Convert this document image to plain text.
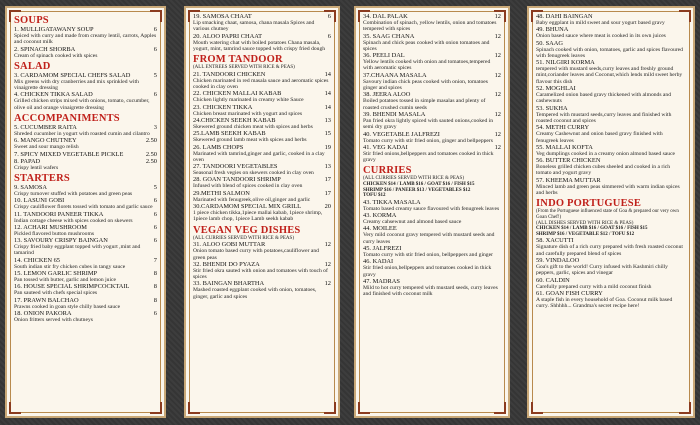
SOUPS
1. MULLIGATAWANY SOUP	6
Spiced with curry and made from creamy lentil, carrots, Apples and coconut milk
2. SPINACH SHORBA	6
Cream of spinach cooked with spices
SALAD
3. CARDAMOM SPECIAL CHEFS SALAD	5
Mix greens with dry cranberries and mix sprinkled with vinaigrette dressing
4. CHICKEN TIKKA SALAD	6
Grilled chicken strips mixed with onions, tomato, cucumber, olive oil and orange vinaigrette dressing
ACCOMPANIMENTS
5. CUCUMBER RAITA	3
Shreded cucumber in yogurt with roasted cumin and cilantro
6. MANGO CHUTNEY	2.50
Sweet and sour mango relish
7. SPICY MIXED VEGETABLE PICKLE	2.50
8. PAPAD	2.50
Crispy lentil wafers
STARTERS
9. SAMOSA	5
Crispy turnover stuffed with potatoes and green peas
10. LASUNI GOBI	6
Crispy cauliflower florets tossed with tomato and garlic sauce
11. TANDOORI PANEER TIKKA	6
Indian cottage cheese with spices cooked on skewers
12. ACHARI MUSHROOM	6
Pickled flavored button mushrooms
13. SAVOURY CRISPY BAINGAN	6
Crispy fried baby eggplant topped with yogurt ,mint and tamarind
14. CHICKEN 65	7
South indian stir fry chicken cubes in tangy sauce
15. LEMON GARLIC SHRIMP	8
Pan tossed with butter, garlic and lemon juice
16. HOUSE SPECIAL SHRIMPCOCKTAIL	8
Pan sauteed with chefs special spices
17. PRAWN BALCHAO	8
Prawns cooked in goan style chilly based sauce
18. ONION PAKORA	6
Onion fritters served with chutneys
19. SAMOSA CHAAT	6
Lip smacking chaat, samosa, chana masala Spices and various chutney
20. ALOO PAPRI CHAAT	6
Mouth watering chat with boiled potatoes Chana masala, yogurt, mint, tamrind sauce topped with crispy fried dough
FROM TANDOOR
(ALL ENTREES SERVED WITH RICE & PEAS)
21. TANDOORI CHICKEN	14
Chicken marinated in red masala sauce and aeromatic spices cooked in clay oven
22. CHICKEN MALLAI KABAB	14
Chicken lightly marinated in creamy white Sauce
23. CHICKEN TIKKA	14
Chicken breast marinated with yogurt and spices
24.CHICKEN SEEKH KABAB	13
Skewered ground chicken meat with spices and herbs
25.LAMB SEEKH KABAB	15
Skewered ground lamb meat with spices and herbs
26. LAMB CHOPS	19
Marinated with tamrind,ginger and garlic, cooked in a clay oven
27. TANDOORI VEGETABLES	13
Seasonal fresh vegies on skewers cooked in clay oven
28. GOAN TANDOORI SHRIMP	17
Infused with blend of spices cooked in clay oven
29.METHI SALMON	17
Marinated with fenugreek,olive oil,ginger and garlic
30.CARDAMOM SPECIAL MIX GRILL	20
1 piece chicken tikka,1piece mallai kabab, 1piece shrimp, 1piece lamb chop, 1piece Lamb seekh kabab
VEGAN VEG DISHES
(ALL CURRIES SERVED WITH RICE & PEAS)
31. ALOO GOBI MUTTAR	12
Onion tomato based curry with potatoes,cauliflower and green peas
32. BHENDI DO PYAZA	12
Stir fried okra sauted with onion and tomatoes with touch of spices
33. BAINGAN BHARTHA	12
Mashed roasted eggplant cooked with onion, tomatoes, ginger, garlic and spices
34. DAL PALAK	12
Combination of spinach, yellow lentils, onion and tomatoes tempered with spices
35. SAAG CHANA	12
Spinach and chick peas cooked with onion tomatoes and spices
36. PEELI DAL	12
Yellow lentils cooked with onion and tomatoes,tempered with aeromatic spices
37.CHAANA MASALA	12
Savoury indian chick peas cooked with onion, tomatoes ginger and spices
38. JEERA ALOO	12
Boiled potatoes tossed in simple masalas and plenty of roasted crushed cumin seeds
39. BHENDI MASALA	12
Pan fried okra lightly spiced with sauted onions,cooked in semi dry gravy
40. VEGETABLE JALFREZI	12
Tomato curry with stir fried onion, ginger and bellpeppers
41. VEG KADAI	12
Stir fried onions,bellpeppers and tomatoes cooked in thick gravy
CURRIES
(ALL CURRIES SERVED WITH RICE & PEAS)
CHICKEN $14 / LAMB $16 / GOAT $16 / FISH $15
SHRIMP $16 / PANEER $13 / VEGETABLES $12
TOFU $12
43. TIKKA MASALA
Tomato based creamy sauce flavoured with fenugreek leaves
43. KORMA
Creamy cahsewnut and almond based sauce
44. MOILEE
Very mild coconut gravy tempered with mustard seeds and curry leaves
45. JALFREZI
Tomato curry with stir fried onion, bellpeppers and ginger
46. KADAI
Stir fried onion,bellpeppers and tomatoes cooked in thick gravy
47. MADRAS
Mild to hot curry tempered with mustard seeds, curry leaves and finished with coconut milk
48. DAHI BAINGAN
Baby eggplant in mild sweet and sour yogurt based gravy
49. BHUNA
Onion based sauce where meat is cooked in its own juices
50. SAAG
Spinach cooked with onion, tomatoes, garlic and spices flavoured with fenugreek leaves
51. NILGIRI KORMA
tempered with mustard seeds,curry leaves and freshly ground mint,coriander leaves and Coconut,which lends mild sweet herby flavour this dish
52. MOGHLAI
Caramelized onion based gravy thickened with almonds and cashewnuts
53. SUKHA
Tempered with mustard seeds,curry leaves and finished with roasted coconut and spices
54. METHI CURRY
Creamy Cashewnut and onion based gravy finished with fenugreek leaves
55. MALLAI KOFTA
Veg dumplings cooked in a creamy onion almond based sauce
56. BUTTER CHICKEN
Boneless grilled chicken cubes sheeled and cooked in a rich tomato and yogurt gravy
57. KHEEMA MUTTAR
Minced lamb and green peas simmered with warm indian spices and herbs
INDO PORTUGUESE
(From the Portuguese influenced state of Goa & prepared our very own Goan Chef!)
(ALL DISHES SERVED WITH RICE & PEAS)
CHICKEN $14 / LAMB $16 / GOAT $16 / FISH $15
SHRIMP $16 / VEGETABLE $12 / TOFU $12
58. XACUTTI
Signature dish of a rich curry prepared with fresh roasted coconut and carefully prepared blend of spices
59. VINDALOO
Goa's gift to the world! Curry infused with Kashmiri chilly peppers, garlic, spices and vinegar
60. CALDIN
Carefully prepared curry with a mild coconut finish
61. GOAN FISH CURRY
A staple fish in every household of Goa. Coconut milk based curry. Shhhhh... Grandma's secret recipe here!
